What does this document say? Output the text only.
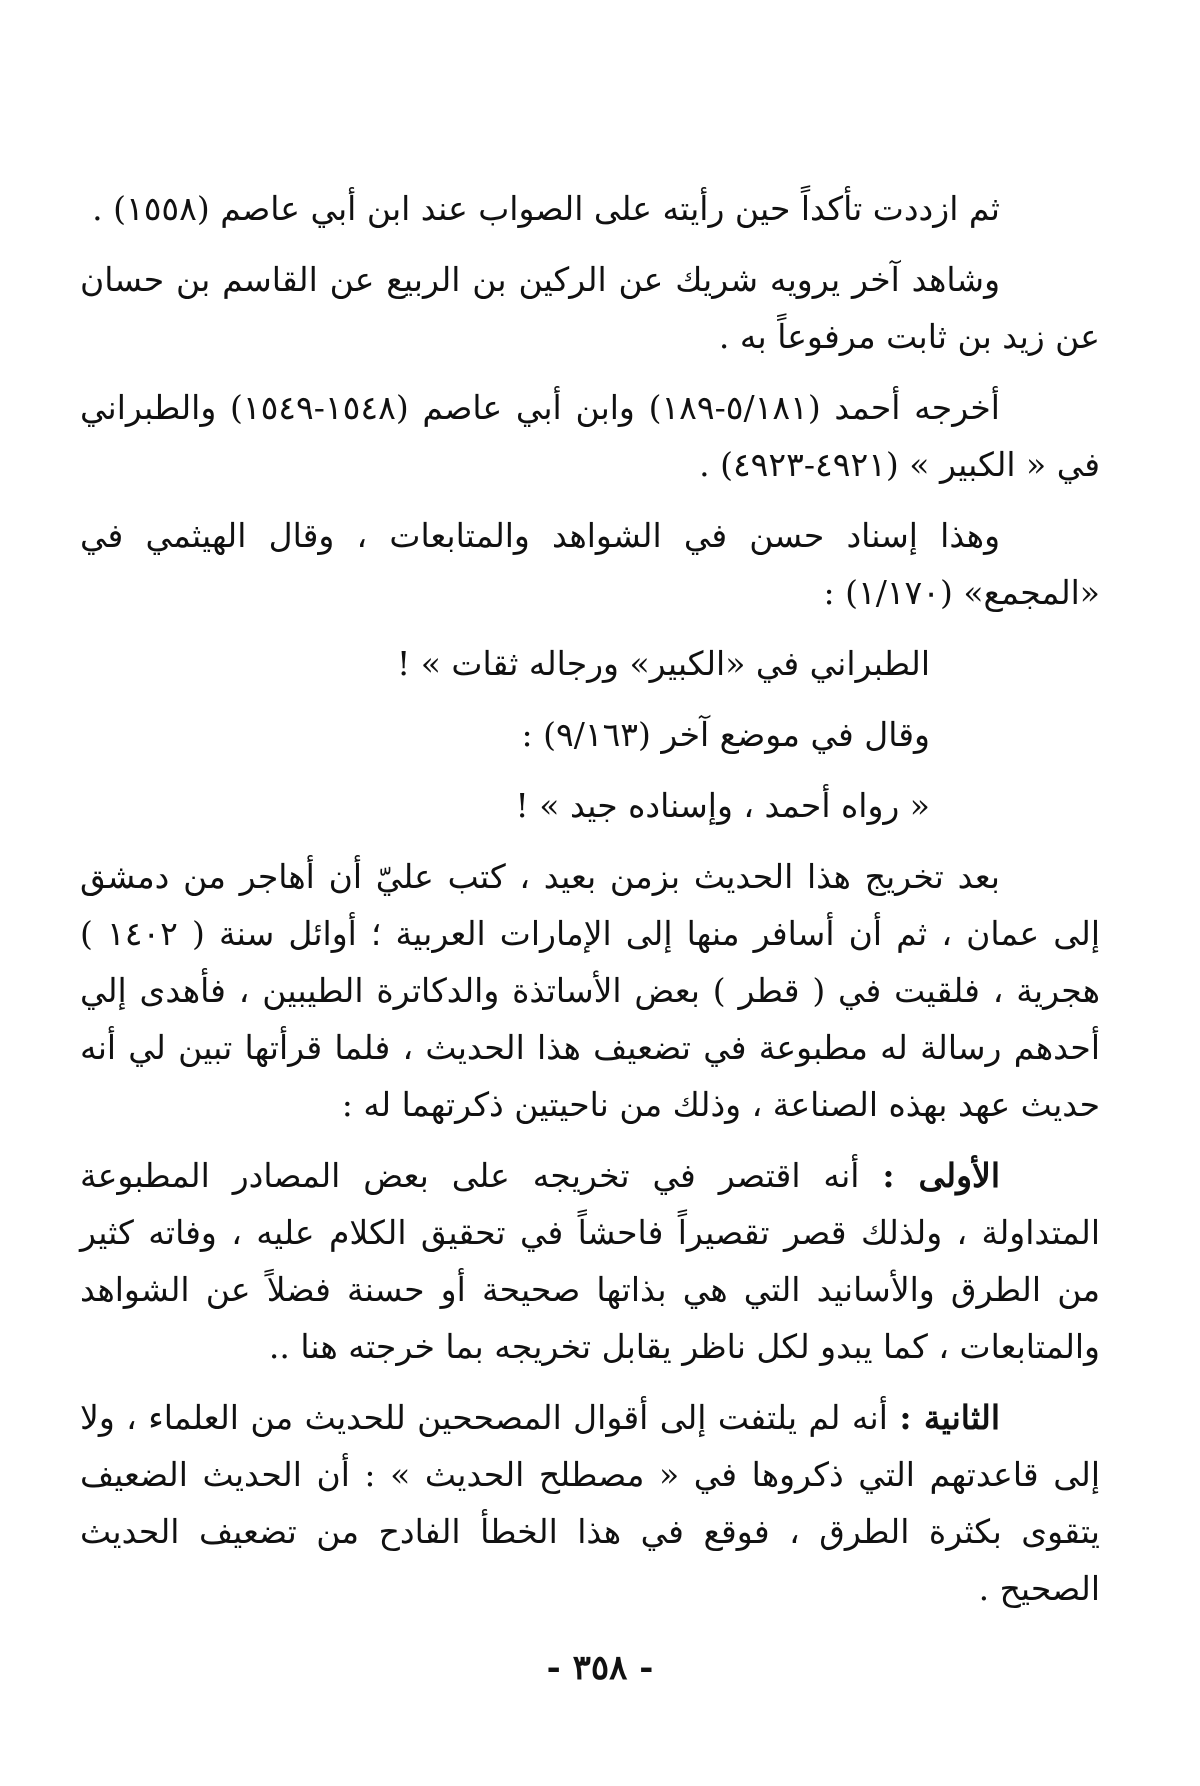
ثم ازددت تأكداً حين رأيته على الصواب عند ابن أبي عاصم (١٥٥٨) .

وشاهد آخر يرويه شريك عن الركين بن الربيع عن القاسم بن حسان عن زيد بن ثابت مرفوعاً به .

أخرجه أحمد (٥/١٨١-١٨٩) وابن أبي عاصم (١٥٤٨-١٥٤٩) والطبراني في « الكبير » (٤٩٢١-٤٩٢٣) .

وهذا إسناد حسن في الشواهد والمتابعات ، وقال الهيثمي في «المجمع» (١/١٧٠) :

الطبراني في «الكبير» ورجاله ثقات » !

وقال في موضع آخر (٩/١٦٣) :

« رواه أحمد ، وإسناده جيد » !

بعد تخريج هذا الحديث بزمن بعيد ، كتب عليّ أن أهاجر من دمشق إلى عمان ، ثم أن أسافر منها إلى الإمارات العربية ؛ أوائل سنة ( ١٤٠٢ ) هجرية ، فلقيت في ( قطر ) بعض الأساتذة والدكاترة الطيبين ، فأهدى إلي أحدهم رسالة له مطبوعة في تضعيف هذا الحديث ، فلما قرأتها تبين لي أنه حديث عهد بهذه الصناعة ، وذلك من ناحيتين ذكرتهما له :

الأولى : أنه اقتصر في تخريجه على بعض المصادر المطبوعة المتداولة ، ولذلك قصر تقصيراً فاحشاً في تحقيق الكلام عليه ، وفاته كثير من الطرق والأسانيد التي هي بذاتها صحيحة أو حسنة فضلاً عن الشواهد والمتابعات ، كما يبدو لكل ناظر يقابل تخريجه بما خرجته هنا ..

الثانية : أنه لم يلتفت إلى أقوال المصححين للحديث من العلماء ، ولا إلى قاعدتهم التي ذكروها في « مصطلح الحديث » : أن الحديث الضعيف يتقوى بكثرة الطرق ، فوقع في هذا الخطأ الفادح من تضعيف الحديث الصحيح .

- ٣٥٨ -
